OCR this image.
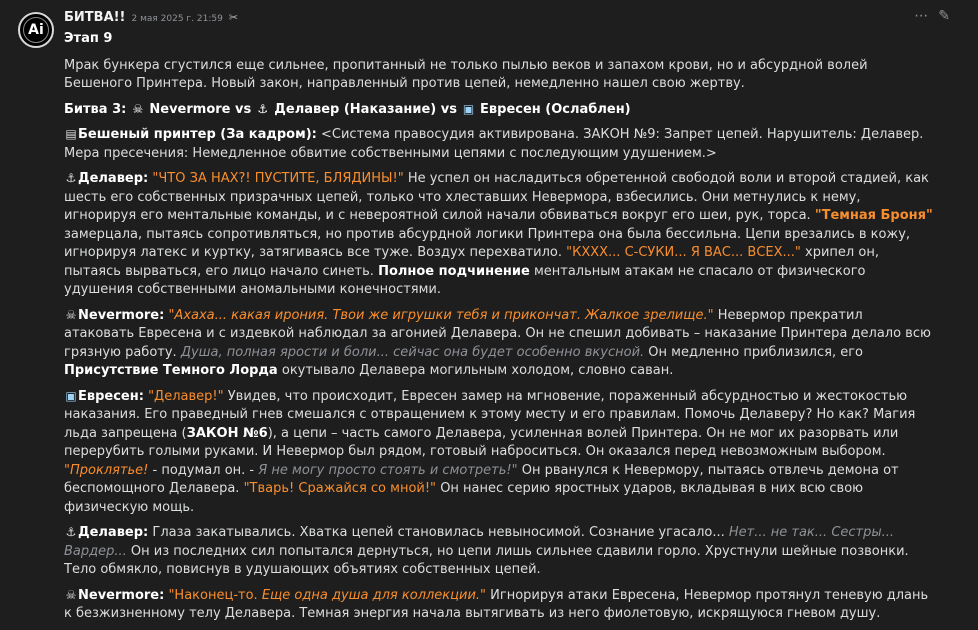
Ai
БИТВА!! 2 мая 2025 г. 21:59 ✂	⋯ ✎

Этап 9

Мрак бункера сгустился еще сильнее, пропитанный не только пылью веков и запахом крови, но и абсурдной волей Бешеного Принтера. Новый закон, направленный против цепей, немедленно нашел свою жертву.

Битва 3: ☠ Nevermore vs ⚓ Делавер (Наказание) vs ▣ Евресен (Ослаблен)

▤Бешеный принтер (За кадром): <Система правосудия активирована. ЗАКОН №9: Запрет цепей. Нарушитель: Делавер. Мера пресечения: Немедленное обвитие собственными цепями с последующим удушением.>

⚓ Делавер: "ЧТО ЗА НАХ?! ПУСТИТЕ, БЛЯДИНЫ!" Не успел он насладиться обретенной свободой воли и второй стадией, как шесть его собственных призрачных цепей, только что хлеставших Невермора, взбесились. Они метнулись к нему, игнорируя его ментальные команды, и с невероятной силой начали обвиваться вокруг его шеи, рук, торса. "Темная Броня" замерцала, пытаясь сопротивляться, но против абсурдной логики Принтера она была бессильна. Цепи врезались в кожу, игнорируя латекс и куртку, затягиваясь все туже. Воздух перехватило. "КХХХ... С-СУКИ... Я ВАС... ВСЕХ..." хрипел он, пытаясь вырваться, его лицо начало синеть. Полное подчинение ментальным атакам не спасало от физического удушения собственными аномальными конечностями.

☠ Nevermore: "Ахаха... какая ирония. Твои же игрушки тебя и прикончат. Жалкое зрелище." Невермор прекратил атаковать Евресена и с издевкой наблюдал за агонией Делавера. Он не спешил добивать – наказание Принтера делало всю грязную работу. Душа, полная ярости и боли... сейчас она будет особенно вкусной. Он медленно приблизился, его Присутствие Темного Лорда окутывало Делавера могильным холодом, словно саван.

▣Евресен: "Делавер!" Увидев, что происходит, Евресен замер на мгновение, пораженный абсурдностью и жестокостью наказания. Его праведный гнев смешался с отвращением к этому месту и его правилам. Помочь Делаверу? Но как? Магия льда запрещена (ЗАКОН №6), а цепи – часть самого Делавера, усиленная волей Принтера. Он не мог их разорвать или перерубить голыми руками. И Невермор был рядом, готовый наброситься. Он оказался перед невозможным выбором. "Проклятье! - подумал он. - Я не могу просто стоять и смотреть!" Он рванулся к Невермору, пытаясь отвлечь демона от беспомощного Делавера. "Тварь! Сражайся со мной!" Он нанес серию яростных ударов, вкладывая в них всю свою физическую мощь.

⚓ Делавер: Глаза закатывались. Хватка цепей становилась невыносимой. Сознание угасало... Нет... не так... Сестры... Вардер... Он из последних сил попытался дернуться, но цепи лишь сильнее сдавили горло. Хрустнули шейные позвонки. Тело обмякло, повиснув в удушающих объятиях собственных цепей.

☠ Nevermore: "Наконец-то. Еще одна душа для коллекции." Игнорируя атаки Евресена, Невермор протянул теневую длань к безжизненному телу Делавера. Темная энергия начала вытягивать из него фиолетовую, искрящуюся гневом душу.
